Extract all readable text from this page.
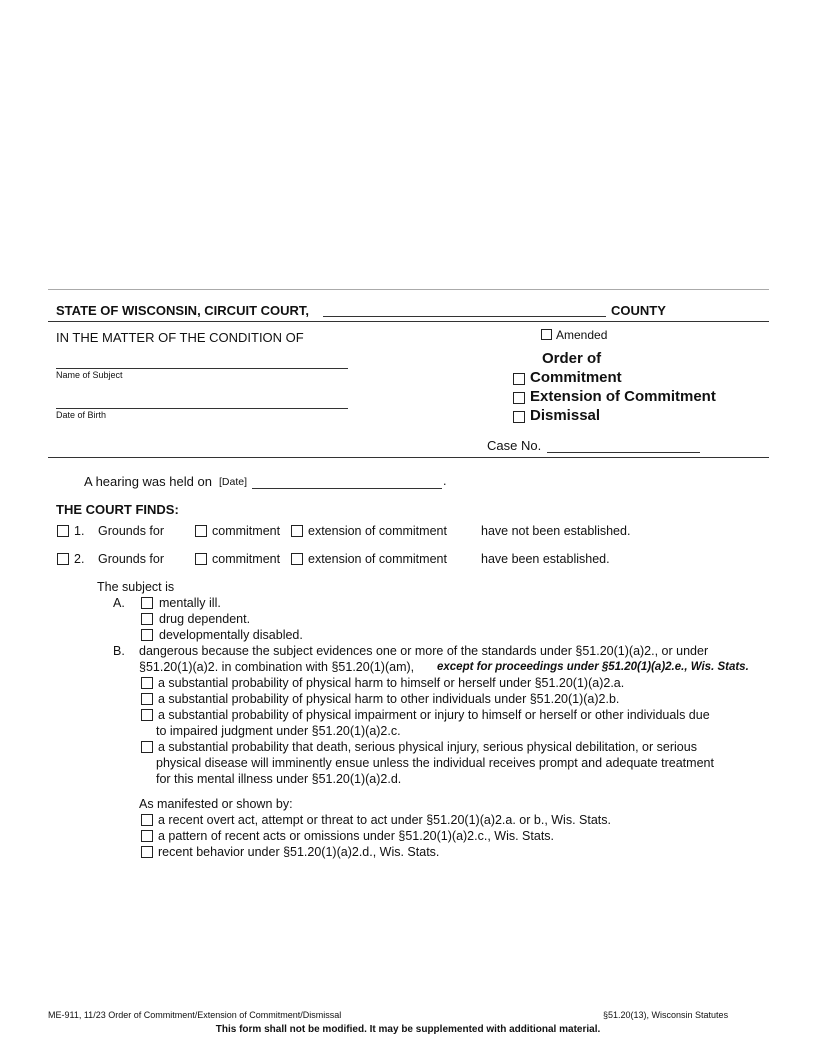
STATE OF WISCONSIN, CIRCUIT COURT,	COUNTY
IN THE MATTER OF THE CONDITION OF
Name of Subject
Date of Birth
Amended
Order of
Commitment
Extension of Commitment
Dismissal
Case No.
A hearing was held on [Date]	.
THE COURT FINDS:
1. Grounds for	commitment extension of commitment	have not been established.
2. Grounds for	commitment extension of commitment	have been established.
The subject is
A.	mentally ill.
drug dependent.
developmentally disabled.
B. dangerous because the subject evidences one or more of the standards under §51.20(1)(a)2., or under
§51.20(1)(a)2. in combination with §51.20(1)(am), except for proceedings under §51.20(1)(a)2.e., Wis. Stats.
a substantial probability of physical harm to himself or herself under §51.20(1)(a)2.a.
a substantial probability of physical harm to other individuals under §51.20(1)(a)2.b.
a substantial probability of physical impairment or injury to himself or herself or other individuals due
to impaired judgment under §51.20(1)(a)2.c.
a substantial probability that death, serious physical injury, serious physical debilitation, or serious
physical disease will imminently ensue unless the individual receives prompt and adequate treatment
for this mental illness under §51.20(1)(a)2.d.
As manifested or shown by:
a recent overt act, attempt or threat to act under §51.20(1)(a)2.a. or b., Wis. Stats.
a pattern of recent acts or omissions under §51.20(1)(a)2.c., Wis. Stats.
recent behavior under §51.20(1)(a)2.d., Wis. Stats.
ME-911, 11/23 Order of Commitment/Extension of Commitment/Dismissal	§51.20(13), Wisconsin Statutes
This form shall not be modified. It may be supplemented with additional material.
